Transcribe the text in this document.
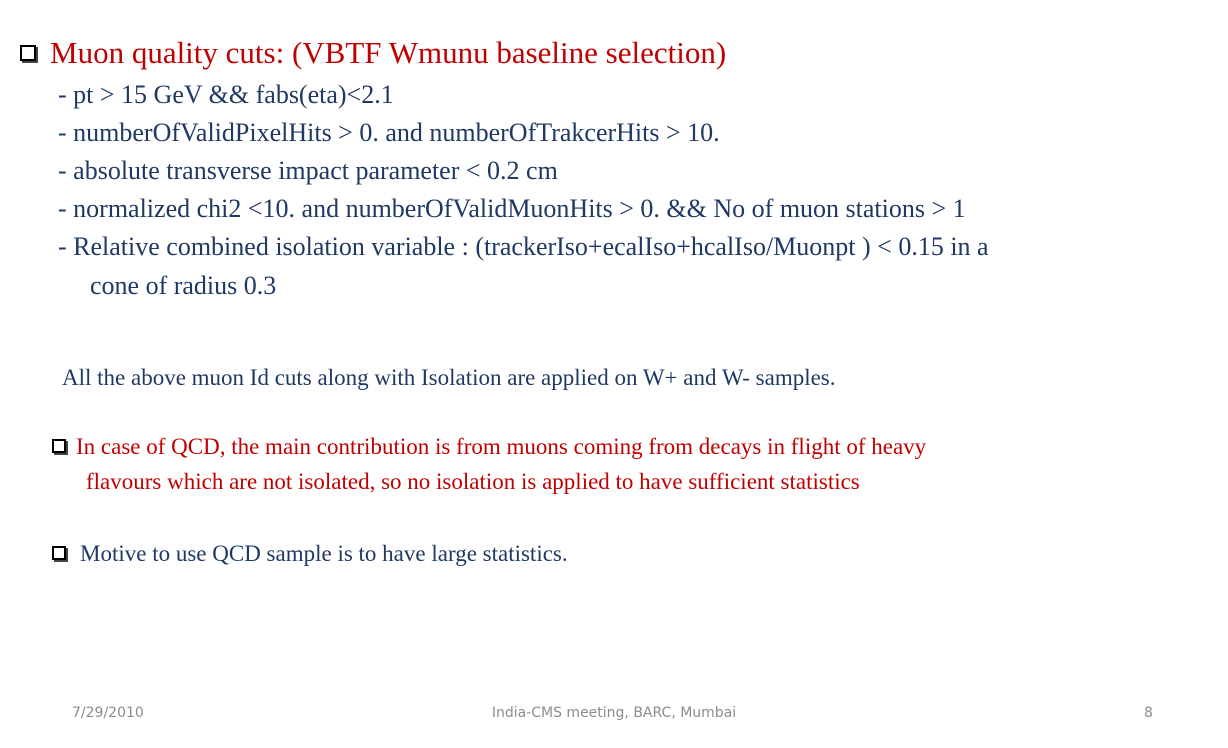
Muon quality cuts: (VBTF Wmunu baseline selection)
- pt > 15 GeV && fabs(eta)<2.1
- numberOfValidPixelHits > 0. and numberOfTrakcerHits > 10.
- absolute transverse impact parameter < 0.2 cm
- normalized chi2 <10. and numberOfValidMuonHits > 0. && No of muon stations > 1
- Relative combined isolation variable : (trackerIso+ecalIso+hcalIso/Muonpt ) < 0.15 in a
cone of radius 0.3
All the above muon Id cuts along with Isolation are applied on W+ and W- samples.
In case of QCD, the main contribution is from muons coming from decays in flight of heavy
flavours which are not isolated, so no isolation is applied to have sufficient statistics
Motive to use QCD sample is to have large statistics.
7/29/2010	India-CMS meeting, BARC, Mumbai	8
